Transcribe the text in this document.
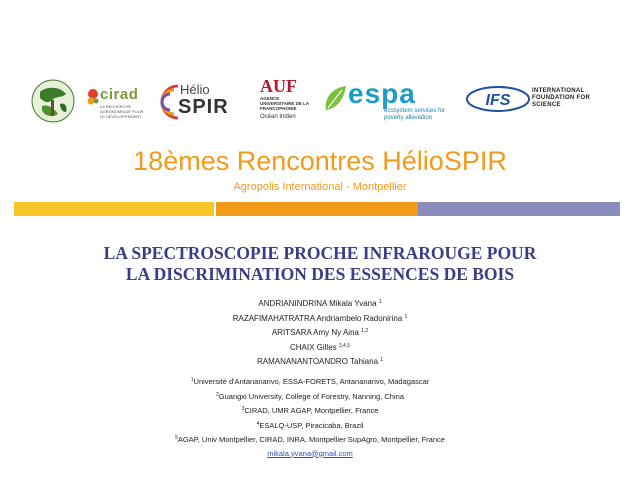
cirad
LA RECHERCHE AGRONOMIQUE POUR LE DÉVELOPPEMENT
Hélio
SPIR
AUF
AGENCE UNIVERSITAIRE DE LA FRANCOPHONIE
Océan Indien
espa
ecosystem services for poverty alleviation
IFS
INTERNATIONAL FOUNDATION FOR SCIENCE
18èmes Rencontres HélioSPIR
Agropolis International - Montpellier
LA SPECTROSCOPIE PROCHE INFRAROUGE POUR
LA DISCRIMINATION DES ESSENCES DE BOIS
ANDRIANINDRINA Mikala Yvana $^1$
RAZAFIMAHATRATRA Andriambelo Radonirina $^1$
ARITSARA Amy Ny Aina $^{1,2}$
CHAIX Gilles $^{3,4,5}$
RAMANANANTOANDRO Tahiana $^1$
$^1$Université d'Antananarivo, ESSA-FORETS, Antananarivo, Madagascar
$^2$Guangxi University, College of Forestry, Nanning, China
$^3$CIRAD, UMR AGAP, Montpellier, France
$^4$ESALQ-USP, Piracicaba, Brazil
$^5$AGAP, Univ Montpellier, CIRAD, INRA, Montpellier SupAgro, Montpellier, France
mikala.yvana@gmail.com
